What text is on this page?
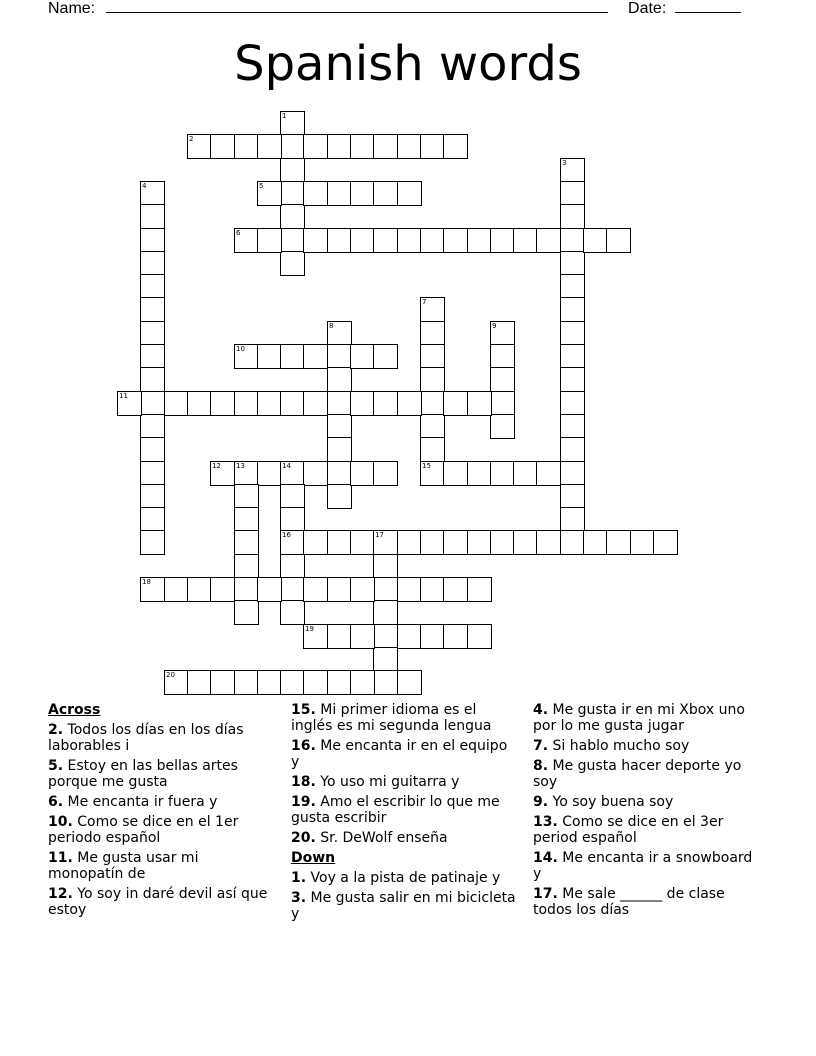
Name:	Date:
Spanish words
1
2
3
4	5
6
7
15
8	9
10
11
12 13	14
16	17
18
19
20
Across
2. Todos los días en los días laborables i
5. Estoy en las bellas artes porque me gusta
6. Me encanta ir fuera y
10. Como se dice en el 1er periodo español
11. Me gusta usar mi monopatín de
12. Yo soy in daré devil así que estoy
15. Mi primer idioma es el inglés es mi segunda lengua
16. Me encanta ir en el equipo y
18. Yo uso mi guitarra y
19. Amo el escribir lo que me gusta escribir
20. Sr. DeWolf enseña
Down
1. Voy a la pista de patinaje y
3. Me gusta salir en mi bicicleta y
4. Me gusta ir en mi Xbox uno por lo me gusta jugar
7. Si hablo mucho soy
8. Me gusta hacer deporte yo soy
9. Yo soy buena soy
13. Como se dice en el 3er period español
14. Me encanta ir a snowboard y
17. Me sale ______ de clase todos los días
